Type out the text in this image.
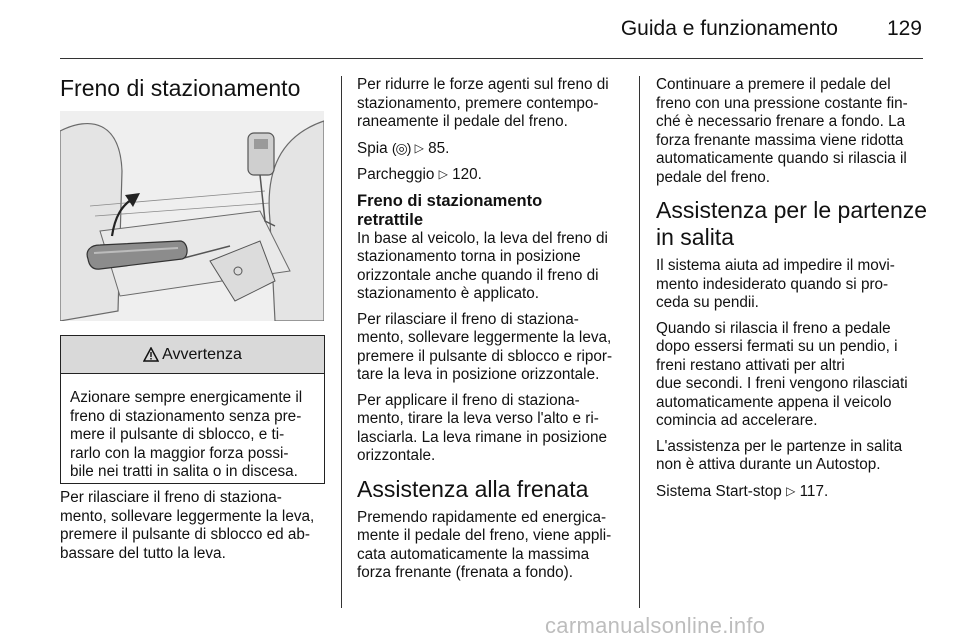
Guida e funzionamento	129
Freno di stazionamento
Avvertenza
Azionare sempre energicamente il
freno di stazionamento senza pre-
mere il pulsante di sblocco, e ti-
rarlo con la maggior forza possi-
bile nei tratti in salita o in discesa.
Per rilasciare il freno di staziona-
mento, sollevare leggermente la leva,
premere il pulsante di sblocco ed ab-
bassare del tutto la leva.

Per ridurre le forze agenti sul freno di
stazionamento, premere contempo-
raneamente il pedale del freno.

Spia (◎) ▷ 85.

Parcheggio ▷ 120.

Freno di stazionamento
retrattile

In base al veicolo, la leva del freno di
stazionamento torna in posizione
orizzontale anche quando il freno di
stazionamento è applicato.

Per rilasciare il freno di staziona-
mento, sollevare leggermente la leva,
premere il pulsante di sblocco e ripor-
tare la leva in posizione orizzontale.

Per applicare il freno di staziona-
mento, tirare la leva verso l'alto e ri-
lasciarla. La leva rimane in posizione
orizzontale.

Assistenza alla frenata

Premendo rapidamente ed energica-
mente il pedale del freno, viene appli-
cata automaticamente la massima
forza frenante (frenata a fondo).

Continuare a premere il pedale del
freno con una pressione costante fin-
ché è necessario frenare a fondo. La
forza frenante massima viene ridotta
automaticamente quando si rilascia il
pedale del freno.

Assistenza per le partenze
in salita

Il sistema aiuta ad impedire il movi-
mento indesiderato quando si pro-
ceda su pendii.

Quando si rilascia il freno a pedale
dopo essersi fermati su un pendio, i
freni restano attivati per altri
due secondi. I freni vengono rilasciati
automaticamente appena il veicolo
comincia ad accelerare.

L'assistenza per le partenze in salita
non è attiva durante un Autostop.

Sistema Start-stop ▷ 117.

carmanualsonline.info
